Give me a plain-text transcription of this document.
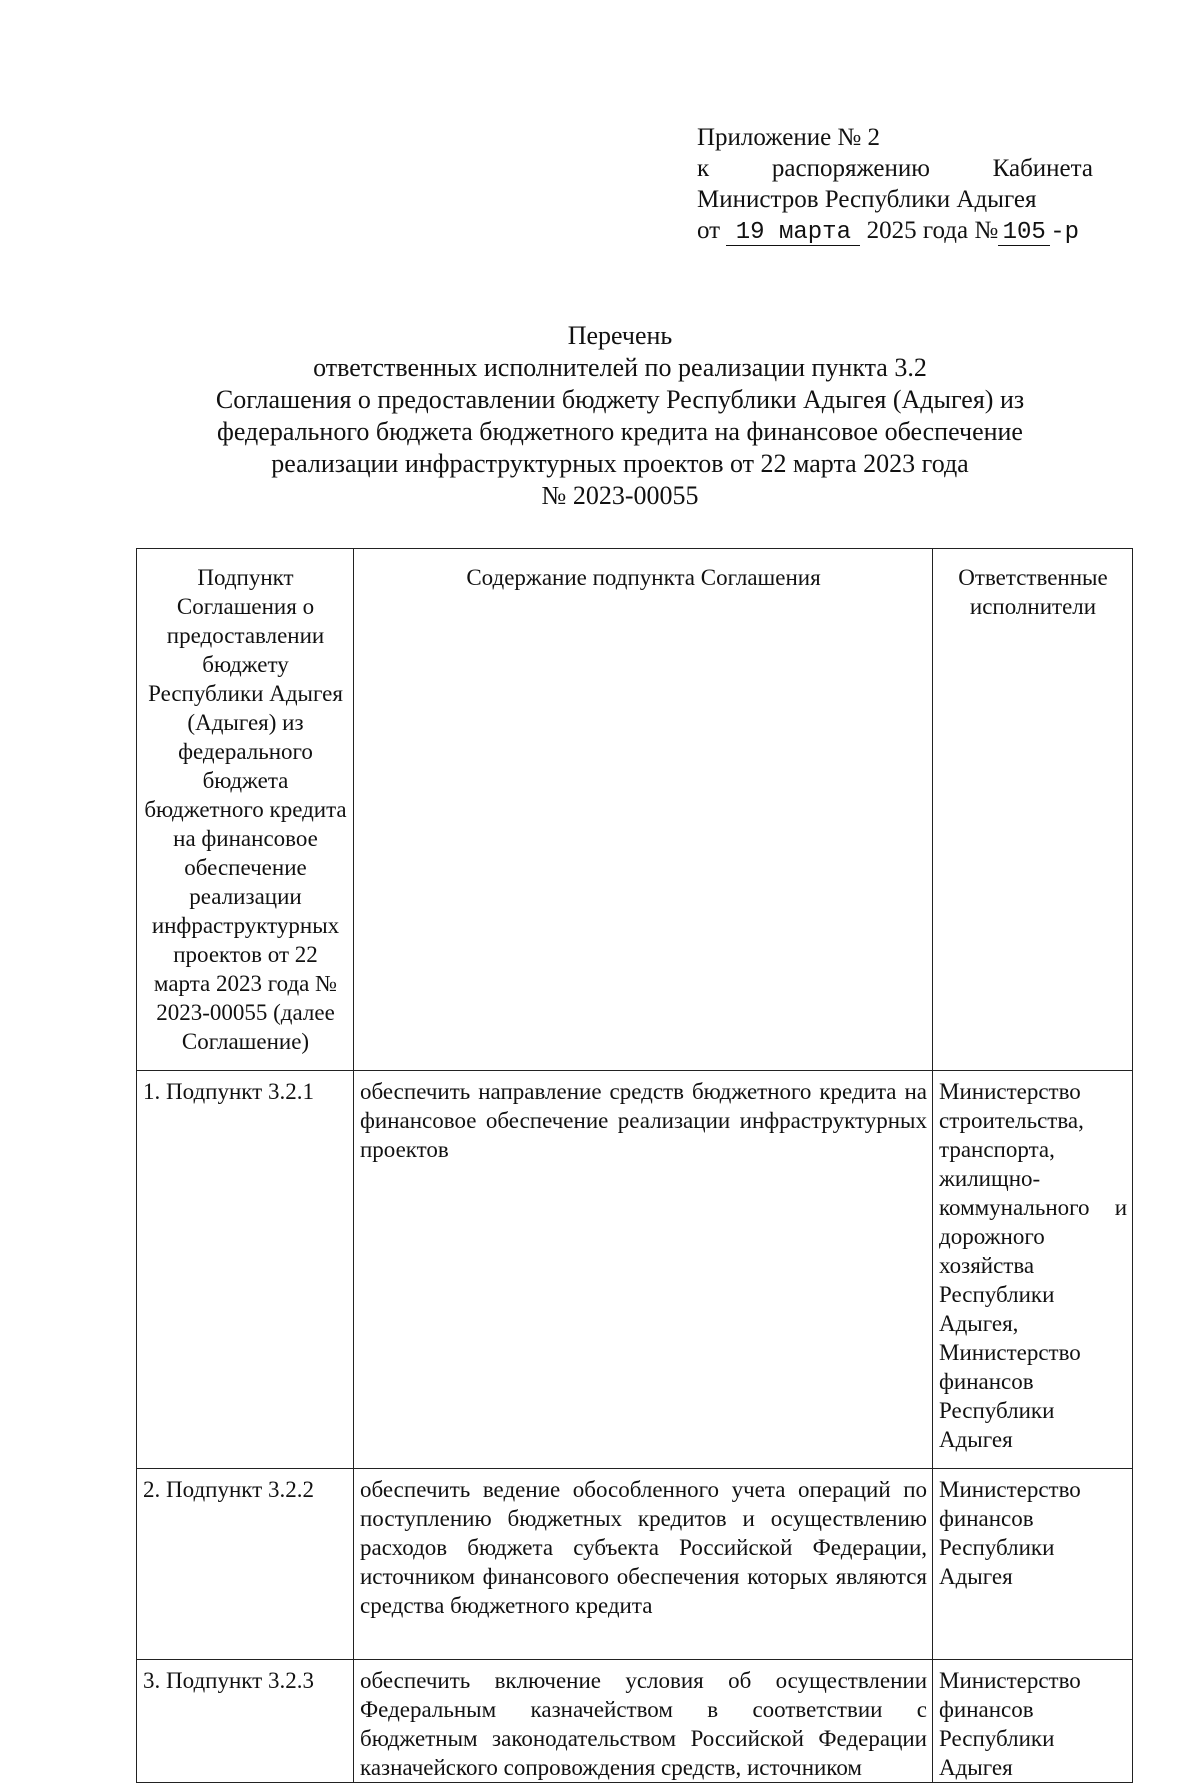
Приложение № 2
к	распоряжению	Кабинета
Министров Республики Адыгея
от 19 марта 2025 года № 105 -р
Перечень
ответственных исполнителей по реализации пункта 3.2
Соглашения о предоставлении бюджету Республики Адыгея (Адыгея) из
федерального бюджета бюджетного кредита на финансовое обеспечение
реализации инфраструктурных проектов от 22 марта 2023 года
№ 2023-00055
Подпункт Соглашения о предоставлении бюджету Республики Адыгея (Адыгея) из федерального бюджета бюджетного кредита на финансовое обеспечение реализации инфраструктурных проектов от 22 марта 2023 года № 2023-00055 (далее Соглашение)	Содержание подпункта Соглашения	Ответственные исполнители
1. Подпункт 3.2.1	обеспечить направление средств бюджетного кредита на финансовое обеспечение реализации инфраструктурных проектов	Министерство строительства, транспорта, жилищно-коммунального и дорожного хозяйства Республики Адыгея, Министерство финансов Республики Адыгея
2. Подпункт 3.2.2	обеспечить ведение обособленного учета операций по поступлению бюджетных кредитов и осуществлению расходов бюджета субъекта Российской Федерации, источником финансового обеспечения которых являются средства бюджетного кредита	Министерство финансов Республики Адыгея
3. Подпункт 3.2.3	обеспечить включение условия об осуществлении Федеральным казначейством в соответствии с бюджетным законодательством Российской Федерации казначейского сопровождения средств, источником	Министерство финансов Республики Адыгея
